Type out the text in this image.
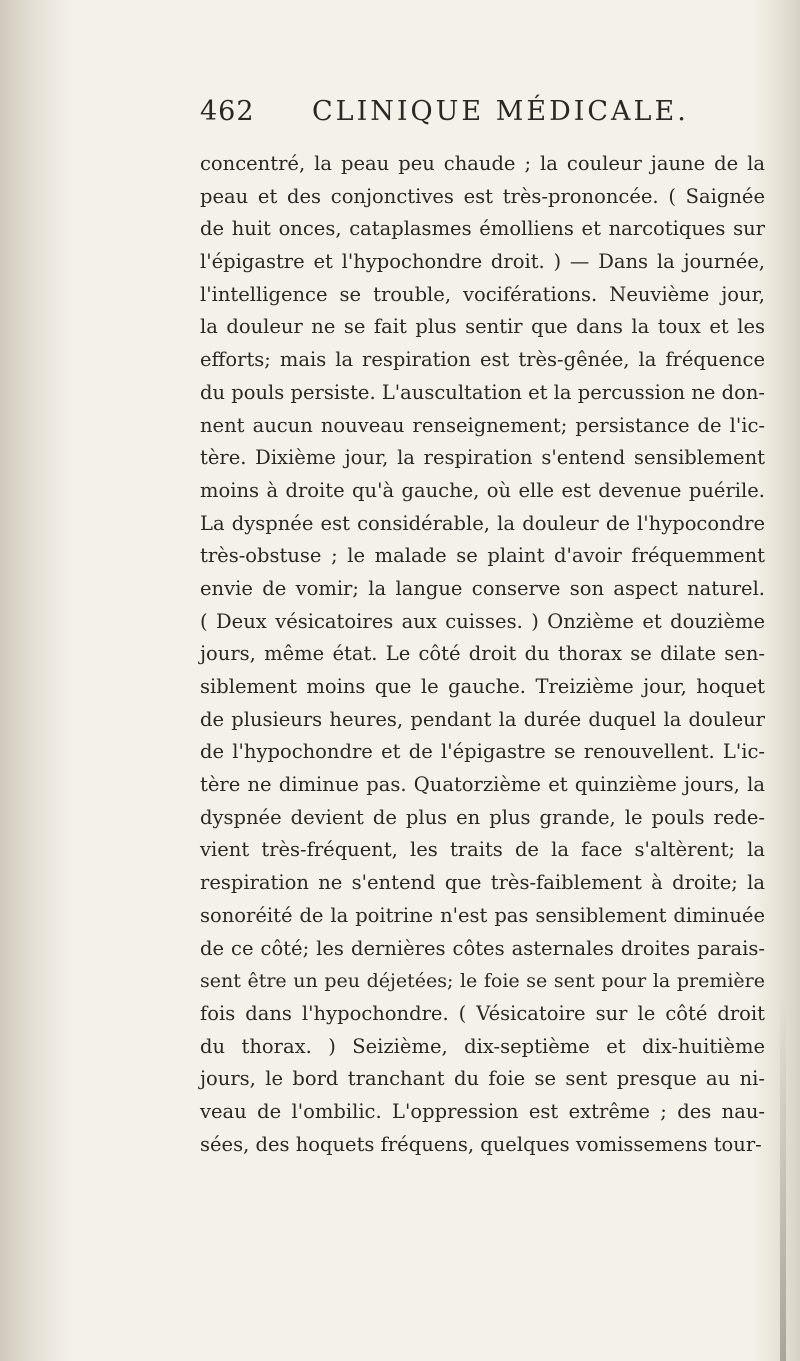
462 CLINIQUE MÉDICALE.
concentré, la peau peu chaude ; la couleur jaune de la
peau et des conjonctives est très-prononcée. ( Saignée
de huit onces, cataplasmes émolliens et narcotiques sur
l'épigastre et l'hypochondre droit. ) — Dans la journée,
l'intelligence se trouble, vociférations. Neuvième jour,
la douleur ne se fait plus sentir que dans la toux et les
efforts; mais la respiration est très-gênée, la fréquence
du pouls persiste. L'auscultation et la percussion ne don-
nent aucun nouveau renseignement; persistance de l'ic-
tère. Dixième jour, la respiration s'entend sensiblement
moins à droite qu'à gauche, où elle est devenue puérile.
La dyspnée est considérable, la douleur de l'hypocondre
très-obstuse ; le malade se plaint d'avoir fréquemment
envie de vomir; la langue conserve son aspect naturel.
( Deux vésicatoires aux cuisses. ) Onzième et douzième
jours, même état. Le côté droit du thorax se dilate sen-
siblement moins que le gauche. Treizième jour, hoquet
de plusieurs heures, pendant la durée duquel la douleur
de l'hypochondre et de l'épigastre se renouvellent. L'ic-
tère ne diminue pas. Quatorzième et quinzième jours, la
dyspnée devient de plus en plus grande, le pouls rede-
vient très-fréquent, les traits de la face s'altèrent; la
respiration ne s'entend que très-faiblement à droite; la
sonoréité de la poitrine n'est pas sensiblement diminuée
de ce côté; les dernières côtes asternales droites parais-
sent être un peu déjetées; le foie se sent pour la première
fois dans l'hypochondre. ( Vésicatoire sur le côté droit
du thorax. ) Seizième, dix-septième et dix-huitième
jours, le bord tranchant du foie se sent presque au ni-
veau de l'ombilic. L'oppression est extrême ; des nau-
sées, des hoquets fréquens, quelques vomissemens tour-
